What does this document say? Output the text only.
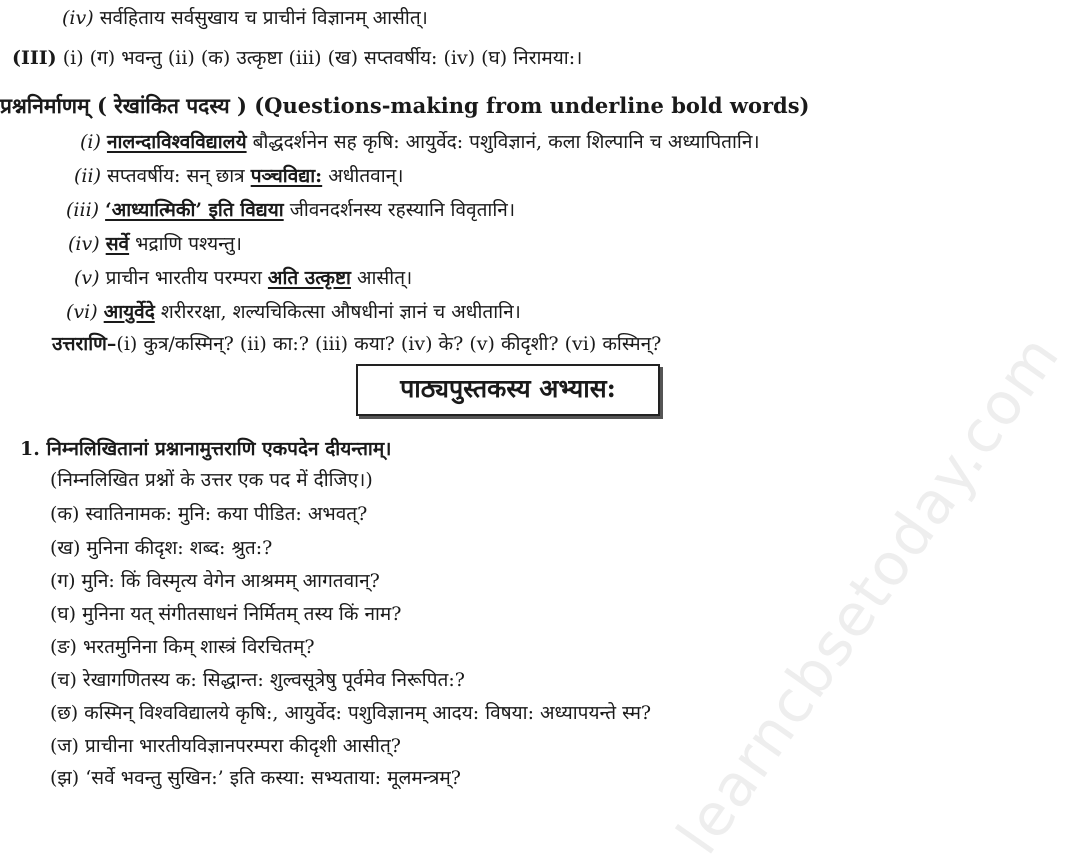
learncbsetoday.com
(iv) सर्वहिताय सर्वसुखाय च प्राचीनं विज्ञानम् आसीत्।
(III) (i) (ग) भवन्तु (ii) (क) उत्कृष्टा (iii) (ख) सप्तवर्षीय: (iv) (घ) निरामया:।
प्रश्ननिर्माणम् ( रेखांकित पदस्य ) (Questions-making from underline bold words)
(i) नालन्दाविश्वविद्यालये बौद्धदर्शनेन सह कृषि: आयुर्वेद: पशुविज्ञानं, कला शिल्पानि च अध्यापितानि।
(ii) सप्तवर्षीय: सन् छात्र पञ्चविद्या: अधीतवान्।
(iii) ‘आध्यात्मिकी’ इति विद्यया जीवनदर्शनस्य रहस्यानि विवृतानि।
(iv) सर्वे भद्राणि पश्यन्तु।
(v) प्राचीन भारतीय परम्परा अति उत्कृष्टा आसीत्।
(vi) आयुर्वेदे शरीररक्षा, शल्यचिकित्सा औषधीनां ज्ञानं च अधीतानि।
उत्तराणि–(i) कुत्र/कस्मिन्? (ii) का:? (iii) कया? (iv) के? (v) कीदृशी? (vi) कस्मिन्?
पाठ्यपुस्तकस्य अभ्यास:
1. निम्नलिखितानां प्रश्नानामुत्तराणि एकपदेन दीयन्ताम्।
(निम्नलिखित प्रश्नों के उत्तर एक पद में दीजिए।)
(क) स्वातिनामक: मुनि: कया पीडित: अभवत्?
(ख) मुनिना कीदृश: शब्द: श्रुत:?
(ग) मुनि: किं विस्मृत्य वेगेन आश्रमम् आगतवान्?
(घ) मुनिना यत् संगीतसाधनं निर्मितम् तस्य किं नाम?
(ङ) भरतमुनिना किम् शास्त्रं विरचितम्?
(च) रेखागणितस्य क: सिद्धान्त: शुल्वसूत्रेषु पूर्वमेव निरूपित:?
(छ) कस्मिन् विश्वविद्यालये कृषि:, आयुर्वेद: पशुविज्ञानम् आदय: विषया: अध्यापयन्ते स्म?
(ज) प्राचीना भारतीयविज्ञानपरम्परा कीदृशी आसीत्?
(झ) ‘सर्वे भवन्तु सुखिन:’ इति कस्या: सभ्यताया: मूलमन्त्रम्?
